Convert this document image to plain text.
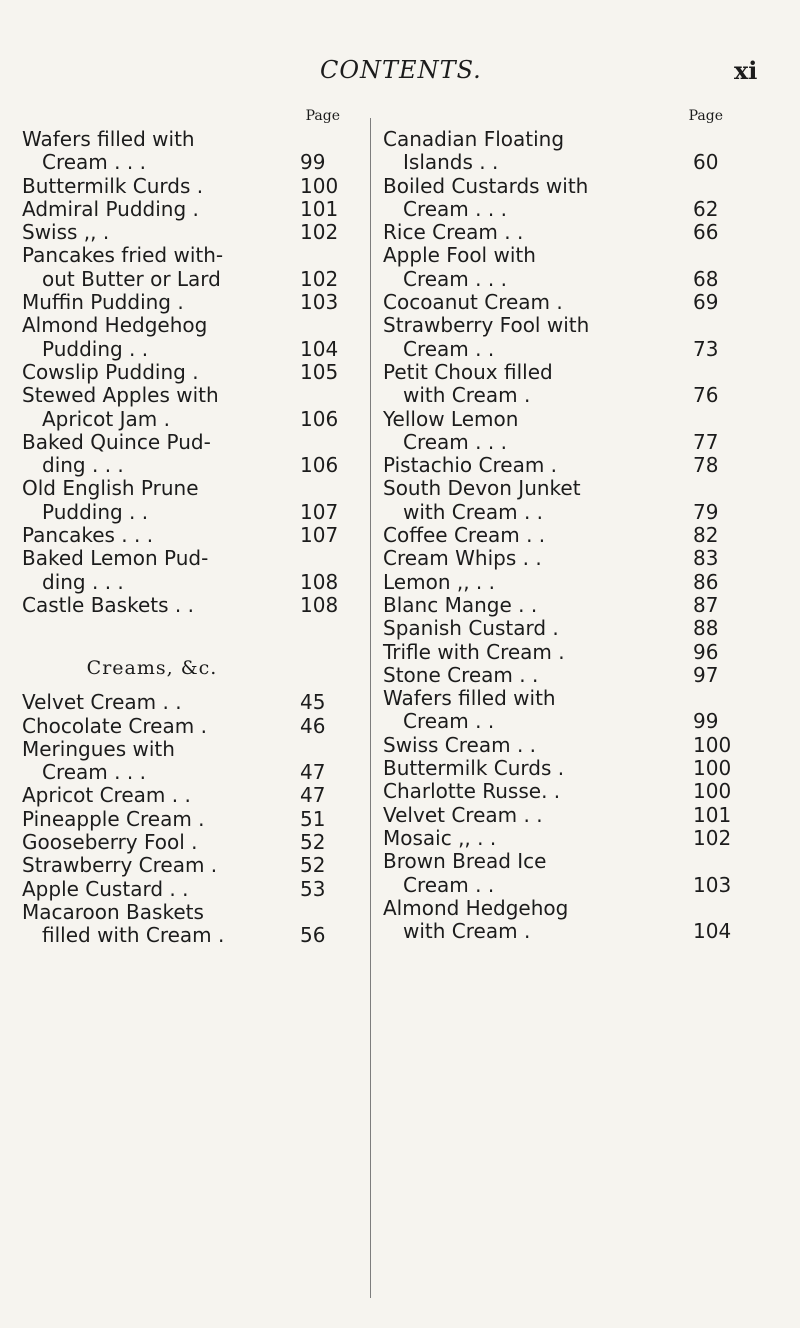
CONTENTS.	xi
Page
Wafers filled with
Cream . . .	99
Buttermilk Curds .	100
Admiral Pudding .	101
Swiss ,, .	102
Pancakes fried with-
out Butter or Lard	102
Muffin Pudding .	103
Almond Hedgehog
Pudding . .	104
Cowslip Pudding .	105
Stewed Apples with
Apricot Jam .	106
Baked Quince Pud-
ding . . .	106
Old English Prune
Pudding . .	107
Pancakes . . .	107
Baked Lemon Pud-
ding . . .	108
Castle Baskets . .	108
Creams, &c.
Velvet Cream . .	45
Chocolate Cream .	46
Meringues with
Cream . . .	47
Apricot Cream . .	47
Pineapple Cream .	51
Gooseberry Fool .	52
Strawberry Cream .	52
Apple Custard . .	53
Macaroon Baskets
filled with Cream .	56
Page
Canadian Floating
Islands . .	60
Boiled Custards with
Cream . . .	62
Rice Cream . .	66
Apple Fool with
Cream . . .	68
Cocoanut Cream .	69
Strawberry Fool with
Cream . .	73
Petit Choux filled
with Cream .	76
Yellow Lemon
Cream . . .	77
Pistachio Cream .	78
South Devon Junket
with Cream . .	79
Coffee Cream . .	82
Cream Whips . .	83
Lemon ,, . .	86
Blanc Mange . .	87
Spanish Custard .	88
Trifle with Cream .	96
Stone Cream . .	97
Wafers filled with
Cream . .	99
Swiss Cream . .	100
Buttermilk Curds .	100
Charlotte Russe. .	100
Velvet Cream . .	101
Mosaic ,, . .	102
Brown Bread Ice
Cream . .	103
Almond Hedgehog
with Cream .	104
